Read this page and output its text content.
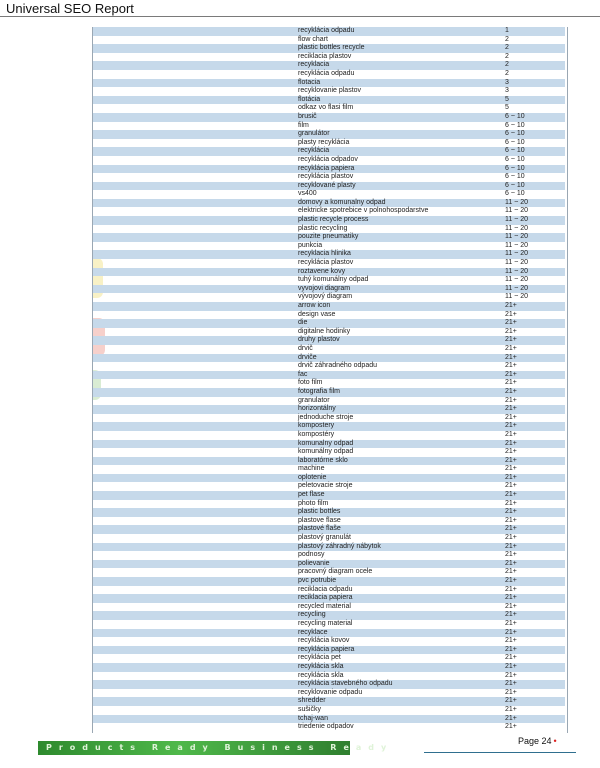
Universal SEO Report
recyklácia odpadu	1
flow chart	2
plastic bottles recycle	2
reciklacia plastov	2
recyklacia	2
recyklácia odpadu	2
flotacia	3
recyklovanie plastov	3
flotácia	5
odkaz vo flasi film	5
brusič	6 ~ 10
film	6 ~ 10
granulátor	6 ~ 10
plasty recyklácia	6 ~ 10
recyklácia	6 ~ 10
recyklácia odpadov	6 ~ 10
recyklácia papiera	6 ~ 10
recyklácia plastov	6 ~ 10
recyklované plasty	6 ~ 10
vs400	6 ~ 10
domovy a komunalny odpad	11 ~ 20
elektricke spotrebice v polnohospodarstve	11 ~ 20
plastic recycle process	11 ~ 20
plastic recycling	11 ~ 20
pouzite pneumatiky	11 ~ 20
punkcia	11 ~ 20
recyklacia hlinika	11 ~ 20
recyklácia plastov	11 ~ 20
roztavene kovy	11 ~ 20
tuhý komunálny odpad	11 ~ 20
vyvojovi diagram	11 ~ 20
vývojový diagram	11 ~ 20
arrow icon	21+
design vase	21+
die	21+
digitalne hodinky	21+
druhy plastov	21+
drvič	21+
drviče	21+
drvič záhradného odpadu	21+
fac	21+
foto film	21+
fotografia film	21+
granulator	21+
horizontálny	21+
jednoduche stroje	21+
kompostery	21+
kompostéry	21+
komunalny odpad	21+
komunálny odpad	21+
laboratórne sklo	21+
machine	21+
oplotenie	21+
peletovacie stroje	21+
pet flase	21+
photo film	21+
plastic bottles	21+
plastove flase	21+
plastové flaše	21+
plastový granulát	21+
plastový záhradný nábytok	21+
podnosy	21+
polievanie	21+
pracovný diagram ocele	21+
pvc potrubie	21+
reciklacia odpadu	21+
reciklacia papiera	21+
recycled material	21+
recycling	21+
recycling material	21+
recyklace	21+
recyklácia kovov	21+
recyklácia papiera	21+
recyklácia pet	21+
recyklácia skla	21+
recyklácia skla	21+
recyklácia stavebného odpadu	21+
recyklovanie odpadu	21+
shredder	21+
sušičky	21+
tchaj-wan	21+
triedenie odpadov	21+
Products Ready Business Ready
Page 24 •
